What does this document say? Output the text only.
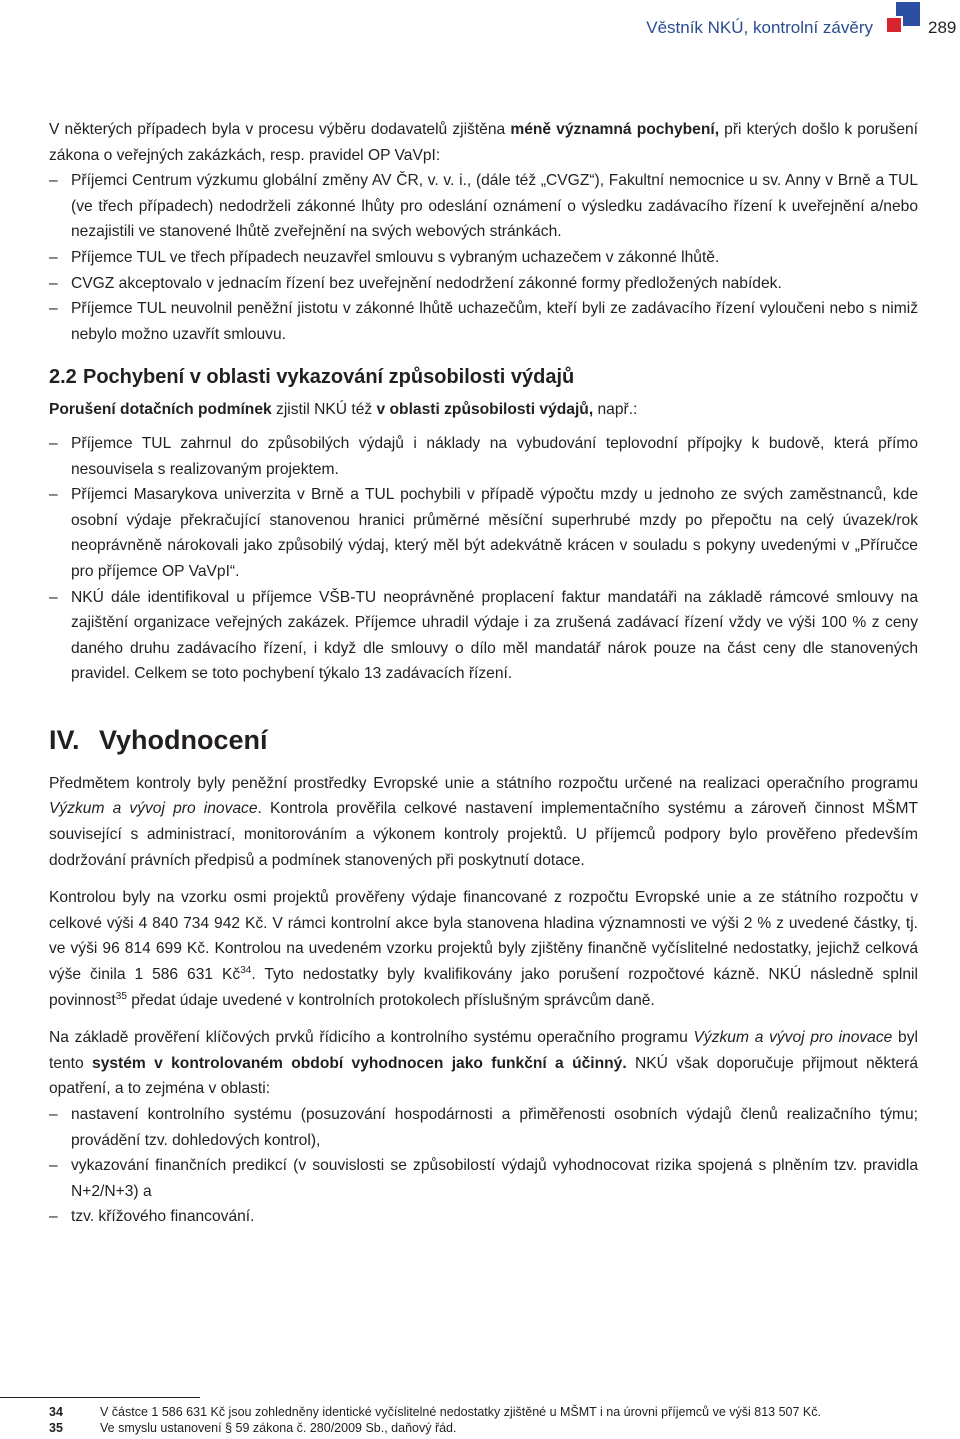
Věstník NKÚ, kontrolní závěry	289

V některých případech byla v procesu výběru dodavatelů zjištěna méně významná pochybení, při kterých došlo k porušení zákona o veřejných zakázkách, resp. pravidel OP VaVpI:

– Příjemci Centrum výzkumu globální změny AV ČR, v. v. i., (dále též „CVGZ“), Fakultní nemocnice u sv. Anny v Brně a TUL (ve třech případech) nedodrželi zákonné lhůty pro odeslání oznámení o výsledku zadávacího řízení k uveřejnění a/nebo nezajistili ve stanovené lhůtě zveřejnění na svých webových stránkách.
– Příjemce TUL ve třech případech neuzavřel smlouvu s vybraným uchazečem v zákonné lhůtě.
– CVGZ akceptovalo v jednacím řízení bez uveřejnění nedodržení zákonné formy předložených nabídek.
– Příjemce TUL neuvolnil peněžní jistotu v zákonné lhůtě uchazečům, kteří byli ze zadávacího řízení vyloučeni nebo s nimiž nebylo možno uzavřít smlouvu.
2.2 Pochybení v oblasti vykazování způsobilosti výdajů

Porušení dotačních podmínek zjistil NKÚ též v oblasti způsobilosti výdajů, např.:

– Příjemce TUL zahrnul do způsobilých výdajů i náklady na vybudování teplovodní přípojky k budově, která přímo nesouvisela s realizovaným projektem.
– Příjemci Masarykova univerzita v Brně a TUL pochybili v případě výpočtu mzdy u jednoho ze svých zaměstnanců, kde osobní výdaje překračující stanovenou hranici průměrné měsíční superhrubé mzdy po přepočtu na celý úvazek/rok neoprávněně nárokovali jako způsobilý výdaj, který měl být adekvátně krácen v souladu s pokyny uvedenými v „Příručce pro příjemce OP VaVpI“.
– NKÚ dále identifikoval u příjemce VŠB-TU neoprávněné proplacení faktur mandatáři na základě rámcové smlouvy na zajištění organizace veřejných zakázek. Příjemce uhradil výdaje i za zrušená zadávací řízení vždy ve výši 100 % z ceny daného druhu zadávacího řízení, i když dle smlouvy o dílo měl mandatář nárok pouze na část ceny dle stanovených pravidel. Celkem se toto pochybení týkalo 13 zadávacích řízení.
IV. Vyhodnocení

Předmětem kontroly byly peněžní prostředky Evropské unie a státního rozpočtu určené na realizaci operačního programu Výzkum a vývoj pro inovace. Kontrola prověřila celkové nastavení implementačního systému a zároveň činnost MŠMT související s administrací, monitorováním a výkonem kontroly projektů. U příjemců podpory bylo prověřeno především dodržování právních předpisů a podmínek stanovených při poskytnutí dotace.

Kontrolou byly na vzorku osmi projektů prověřeny výdaje financované z rozpočtu Evropské unie a ze státního rozpočtu v celkové výši 4 840 734 942 Kč. V rámci kontrolní akce byla stanovena hladina významnosti ve výši 2 % z uvedené částky, tj. ve výši 96 814 699 Kč. Kontrolou na uvedeném vzorku projektů byly zjištěny finančně vyčíslitelné nedostatky, jejichž celková výše činila 1 586 631 $Kč^{34}$. Tyto nedostatky byly kvalifikovány jako porušení rozpočtové kázně. NKÚ následně splnil povinnost$^{35}$ předat údaje uvedené v kontrolních protokolech příslušným správcům daně.

Na základě prověření klíčových prvků řídicího a kontrolního systému operačního programu Výzkum a vývoj pro inovace byl tento systém v kontrolovaném období vyhodnocen jako funkční a účinný. NKÚ však doporučuje přijmout některá opatření, a to zejména v oblasti:

– nastavení kontrolního systému (posuzování hospodárnosti a přiměřenosti osobních výdajů členů realizačního týmu; provádění tzv. dohledových kontrol),
– vykazování finančních predikcí (v souvislosti se způsobilostí výdajů vyhodnocovat rizika spojená s plněním tzv. pravidla N+2/N+3) a
– tzv. křížového financování.
34	V částce 1 586 631 Kč jsou zohledněny identické vyčíslitelné nedostatky zjištěné u MŠMT i na úrovni příjemců ve výši 813 507 Kč.
35	Ve smyslu ustanovení § 59 zákona č. 280/2009 Sb., daňový řád.
